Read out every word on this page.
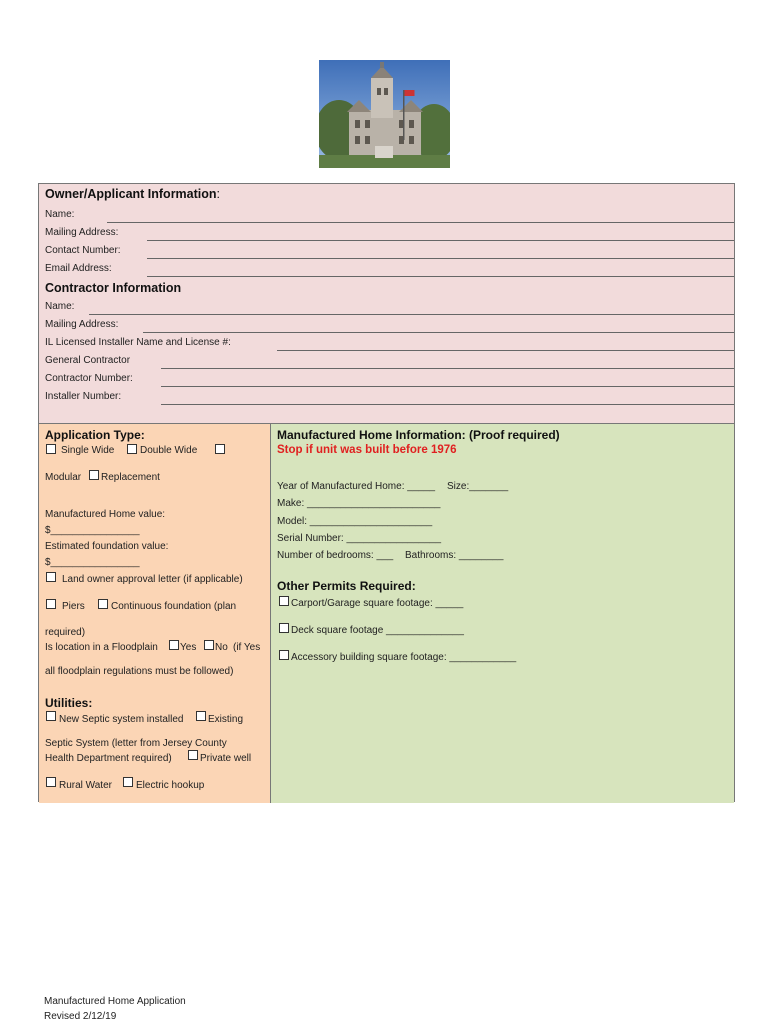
Owner/Applicant Information:
Name:
Mailing Address:
Contact Number:
Email Address:
Contractor Information
Name:
Mailing Address:
IL Licensed Installer Name and License #:
General Contractor
Contractor Number:
Installer Number:
Application Type:
Single Wide	Double Wide
Modular Replacement
Manufactured Home value:
$________________
Estimated foundation value:
$________________
Land owner approval letter (if applicable)
Piers	Continuous foundation (plan
required)
Is location in a Floodplain Yes No (if Yes
all floodplain regulations must be followed)
Utilities:
New Septic system installed Existing
Septic System (letter from Jersey County
Health Department required)	Private well
Rural Water Electric hookup
Manufactured Home Information: (Proof required)
Stop if unit was built before 1976
Year of Manufactured Home: _____ Size:_______
Make: ________________________
Model: ______________________
Serial Number: _________________
Number of bedrooms: ___ Bathrooms: ________
Other Permits Required:
Carport/Garage square footage: _____
Deck square footage ______________
Accessory building square footage: ____________
Manufactured Home Application
Revised 2/12/19
